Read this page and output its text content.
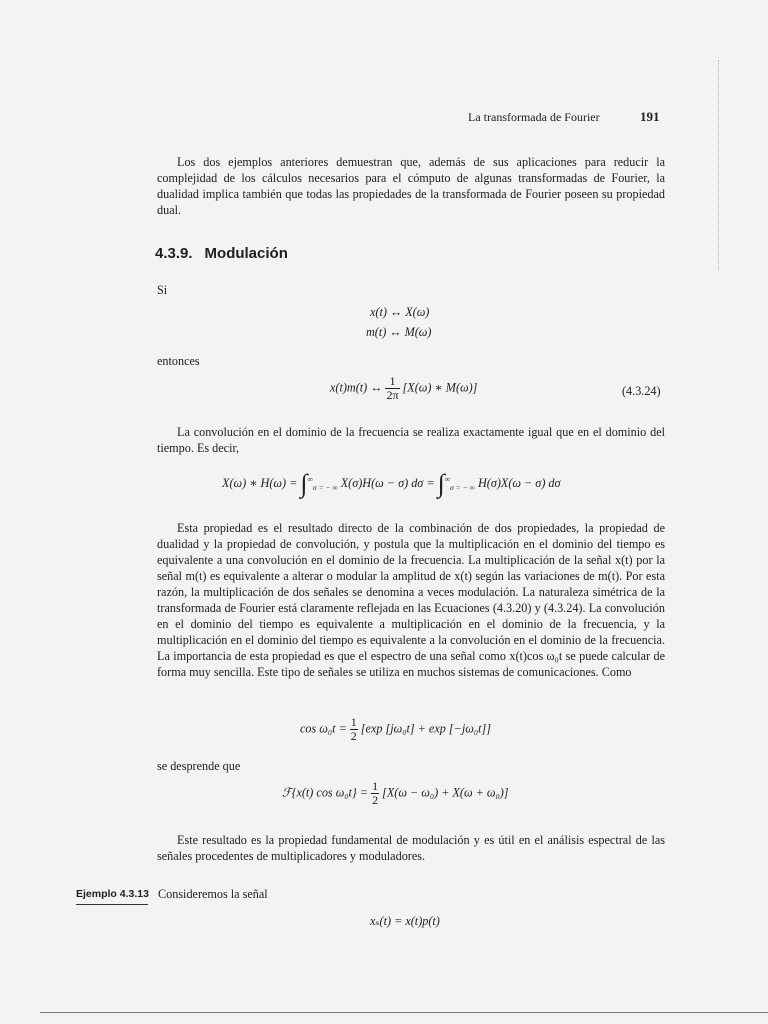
La transformada de Fourier	191

Los dos ejemplos anteriores demuestran que, además de sus aplicaciones para reducir la complejidad de los cálculos necesarios para el cómputo de algunas transformadas de Fourier, la dualidad implica también que todas las propiedades de la transformada de Fourier poseen su propiedad dual.

4.3.9. Modulación
Si
x(t) ↔ X(ω)
m(t) ↔ M(ω)
entonces
x(t)m(t) ↔ $\frac{1}{2\pi} [X(\omega)$ ∗ M(ω)]	(4.3.24)

La convolución en el dominio de la frecuencia se realiza exactamente igual que en el dominio del tiempo. Es decir,

X(ω) ∗ $H(\omega) = \int^\infty_{\sigma = - \infty}$ X(σ)H(ω − σ) $d\sigma = \int^\infty_{\sigma = - \infty}$ H(σ)X(ω − σ) dσ

Esta propiedad es el resultado directo de la combinación de dos propiedades, la propiedad de dualidad y la propiedad de convolución, y postula que la multiplicación en el dominio del tiempo es equivalente a una convolución en el dominio de la frecuencia. La multiplicación de la señal x(t) por la señal m(t) es equivalente a alterar o modular la amplitud de x(t) según las variaciones de m(t). Por esta razón, la multiplicación de dos señales se denomina a veces modulación. La naturaleza simétrica de la transformada de Fourier está claramente reflejada en las Ecuaciones (4.3.20) y (4.3.24). La convolución en el dominio del tiempo es equivalente a multiplicación en el dominio de la frecuencia, y la multiplicación en el dominio del tiempo es equivalente a la convolución en el dominio de la frecuencia. La importancia de esta propiedad es que el espectro de una señal como x(t)cos ω₀t se puede calcular de forma muy sencilla. Este tipo de señales se utiliza en muchos sistemas de comunicaciones. Como

$\cos \omega_0t = \frac{1}{2} [\exp$ [jω₀t] + exp [−jω₀t]]
se desprende que
ℱ{x(t) $\cos \omega_0t\} = \frac{1}{2} [X(\omega - \omega_0) + X(\omega + \omega_0)]$

Este resultado es la propiedad fundamental de modulación y es útil en el análisis espectral de las señales procedentes de multiplicadores y moduladores.

Ejemplo 4.3.13 Consideremos la señal
xₛ(t) = x(t)p(t)
